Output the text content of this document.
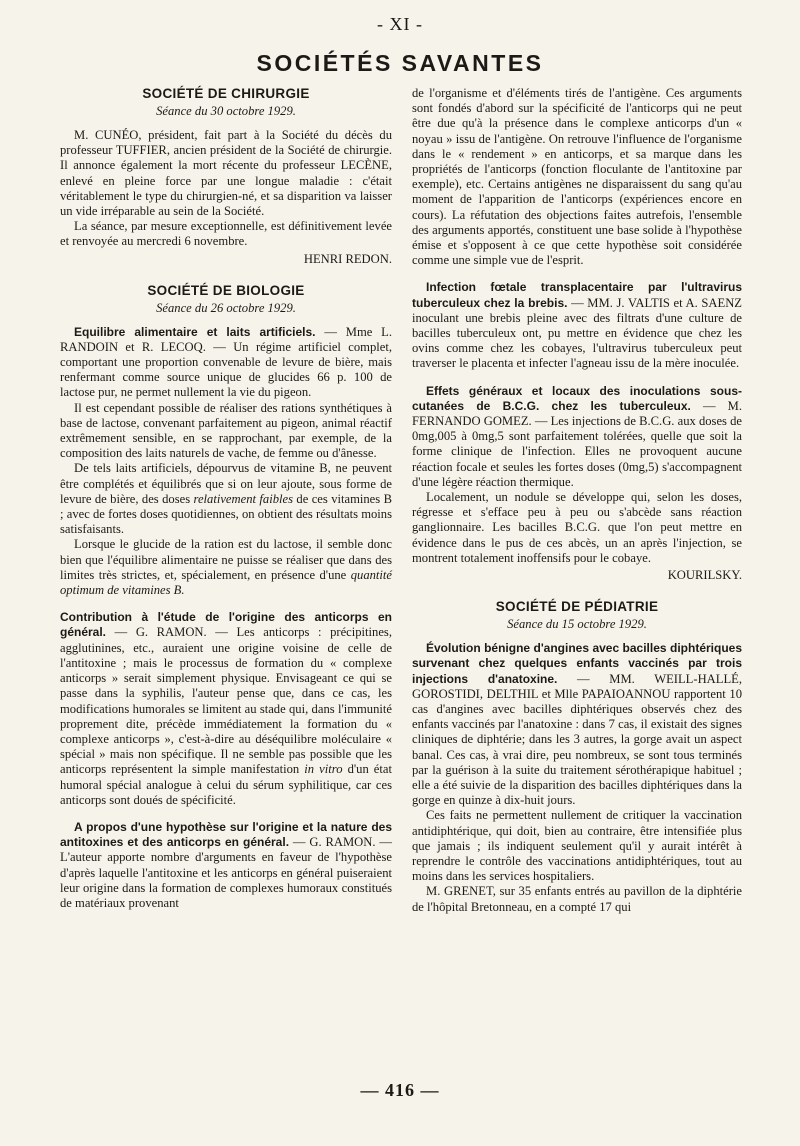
- XI -
SOCIÉTÉS SAVANTES
SOCIÉTÉ DE CHIRURGIE
Séance du 30 octobre 1929.

M. CUNÉO, président, fait part à la Société du décès du professeur TUFFIER, ancien président de la Société de chirurgie. Il annonce également la mort récente du professeur LECÈNE, enlevé en pleine force par une longue maladie : c'était véritablement le type du chirurgien-né, et sa disparition va laisser un vide irréparable au sein de la Société.

La séance, par mesure exceptionnelle, est définitivement levée et renvoyée au mercredi 6 novembre.

HENRI REDON.
SOCIÉTÉ DE BIOLOGIE
Séance du 26 octobre 1929.

Equilibre alimentaire et laits artificiels. — Mme L. RANDOIN et R. LECOQ. — Un régime artificiel complet, comportant une proportion convenable de levure de bière, mais renfermant comme source unique de glucides 66 p. 100 de lactose pur, ne permet nullement la vie du pigeon.

Il est cependant possible de réaliser des rations synthétiques à base de lactose, convenant parfaitement au pigeon, animal réactif extrêmement sensible, en se rapprochant, par exemple, de la composition des laits naturels de vache, de femme ou d'ânesse.

De tels laits artificiels, dépourvus de vitamine B, ne peuvent être complétés et équilibrés que si on leur ajoute, sous forme de levure de bière, des doses relativement faibles de ces vitamines B ; avec de fortes doses quotidiennes, on obtient des résultats moins satisfaisants.

Lorsque le glucide de la ration est du lactose, il semble donc bien que l'équilibre alimentaire ne puisse se réaliser que dans des limites très strictes, et, spécialement, en présence d'une quantité optimum de vitamines B.

Contribution à l'étude de l'origine des anticorps en général. — G. RAMON. — Les anticorps : précipitines, agglutinines, etc., auraient une origine voisine de celle de l'antitoxine ; mais le processus de formation du « complexe anticorps » serait simplement physique. Envisageant ce qui se passe dans la syphilis, l'auteur pense que, dans ce cas, les modifications humorales se limitent au stade qui, dans l'immunité proprement dite, précède immédiatement la formation du « complexe anticorps », c'est-à-dire au déséquilibre moléculaire « spécial » mais non spécifique. Il ne semble pas possible que les anticorps représentent la simple manifestation in vitro d'un état humoral spécial analogue à celui du sérum syphilitique, car ces anticorps sont doués de spécificité.

A propos d'une hypothèse sur l'origine et la nature des antitoxines et des anticorps en général. — G. RAMON. — L'auteur apporte nombre d'arguments en faveur de l'hypothèse d'après laquelle l'antitoxine et les anticorps en général puiseraient leur origine dans la formation de complexes humoraux constitués de matériaux provenant

de l'organisme et d'éléments tirés de l'antigène. Ces arguments sont fondés d'abord sur la spécificité de l'anticorps qui ne peut être due qu'à la présence dans le complexe anticorps d'un « noyau » issu de l'antigène. On retrouve l'influence de l'organisme dans le « rendement » en anticorps, et sa marque dans les propriétés de l'anticorps (fonction floculante de l'antitoxine par exemple), etc. Certains antigènes ne disparaissent du sang qu'au moment de l'apparition de l'anticorps (expériences encore en cours). La réfutation des objections faites autrefois, l'ensemble des arguments apportés, constituent une base solide à l'hypothèse émise et s'opposent à ce que cette hypothèse soit considérée comme une simple vue de l'esprit.

Infection fœtale transplacentaire par l'ultravirus tuberculeux chez la brebis. — MM. J. VALTIS et A. SAENZ inoculant une brebis pleine avec des filtrats d'une culture de bacilles tuberculeux ont, pu mettre en évidence que chez les ovins comme chez les cobayes, l'ultravirus tuberculeux peut traverser le placenta et infecter l'agneau issu de la mère inoculée.

Effets généraux et locaux des inoculations sous-cutanées de B.C.G. chez les tuberculeux. — M. FERNANDO GOMEZ. — Les injections de B.C.G. aux doses de 0mg,005 à 0mg,5 sont parfaitement tolérées, quelle que soit la forme clinique de l'infection. Elles ne provoquent aucune réaction focale et seules les fortes doses (0mg,5) s'accompagnent d'une légère réaction thermique.

Localement, un nodule se développe qui, selon les doses, régresse et s'efface peu à peu ou s'abcède sans réaction ganglionnaire. Les bacilles B.C.G. que l'on peut mettre en évidence dans le pus de ces abcès, un an après l'injection, se montrent totalement inoffensifs pour le cobaye.

KOURILSKY.
SOCIÉTÉ DE PÉDIATRIE
Séance du 15 octobre 1929.

Évolution bénigne d'angines avec bacilles diphtériques survenant chez quelques enfants vaccinés par trois injections d'anatoxine. — MM. WEILL-HALLÉ, GOROSTIDI, DELTHIL et Mlle PAPAIOANNOU rapportent 10 cas d'angines avec bacilles diphtériques observés chez des enfants vaccinés par l'anatoxine : dans 7 cas, il existait des signes cliniques de diphtérie; dans les 3 autres, la gorge avait un aspect banal. Ces cas, à vrai dire, peu nombreux, se sont tous terminés par la guérison à la suite du traitement sérothérapique habituel ; elle a été suivie de la disparition des bacilles diphtériques dans la gorge en quinze à dix-huit jours.

Ces faits ne permettent nullement de critiquer la vaccination antidiphtérique, qui doit, bien au contraire, être intensifiée plus que jamais ; ils indiquent seulement qu'il y aurait intérêt à reprendre le contrôle des vaccinations antidiphtériques, tout au moins dans les services hospitaliers.

M. GRENET, sur 35 enfants entrés au pavillon de la diphtérie de l'hôpital Bretonneau, en a compté 17 qui

— 416 —
